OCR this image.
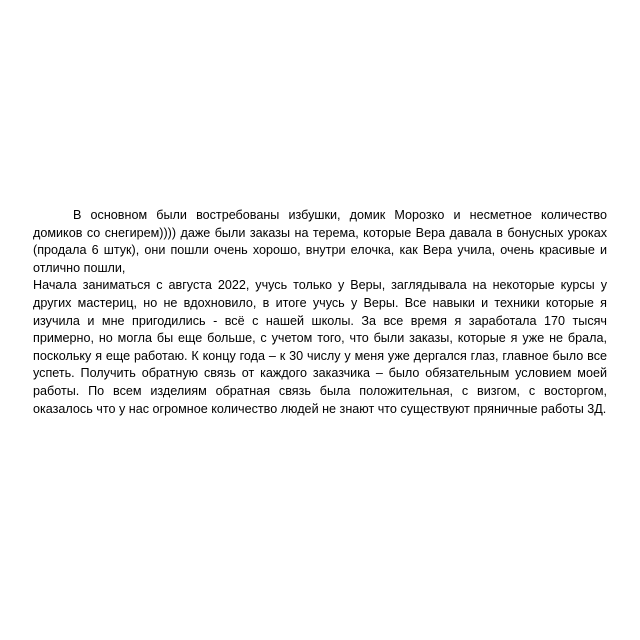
В основном были востребованы избушки, домик Морозко и несметное количество домиков со снегирем)))) даже были заказы на терема, которые Вера давала в бонусных уроках (продала 6 штук), они пошли очень хорошо, внутри елочка, как Вера учила, очень красивые и отлично пошли,

Начала заниматься с августа 2022, учусь только у Веры, заглядывала на некоторые курсы у других мастериц, но не вдохновило, в итоге учусь у Веры. Все навыки и техники которые я изучила и мне пригодились - всё с нашей школы. За все время я заработала 170 тысяч примерно, но могла бы еще больше, с учетом того, что были заказы, которые я уже не брала, поскольку я еще работаю. К концу года – к 30 числу у меня уже дергался глаз, главное было все успеть. Получить обратную связь от каждого заказчика – было обязательным условием моей работы. По всем изделиям обратная связь была положительная, с визгом, с восторгом, оказалось что у нас огромное количество людей не знают что существуют пряничные работы 3Д.
